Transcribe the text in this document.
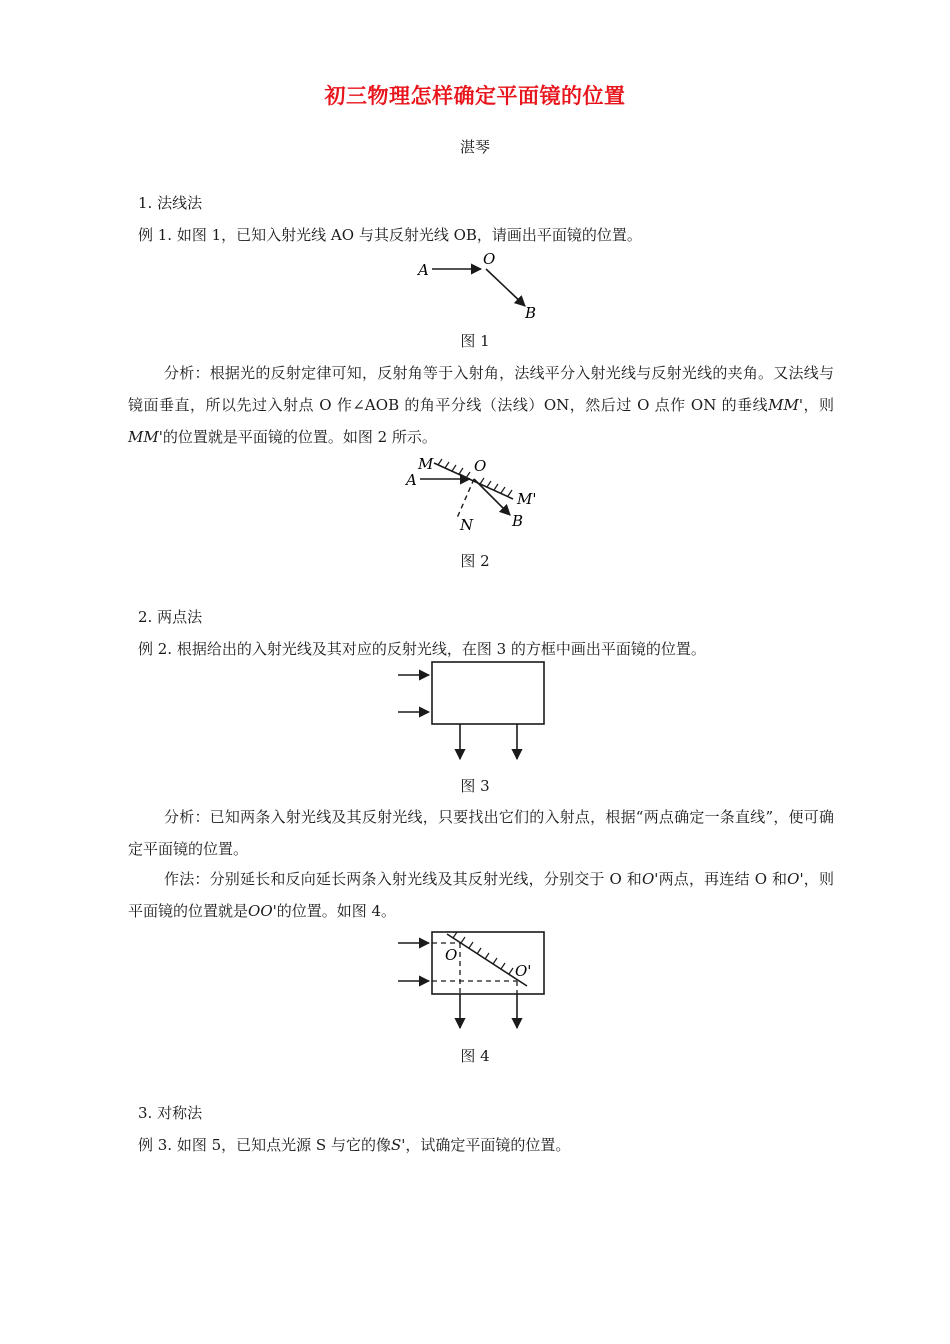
初三物理怎样确定平面镜的位置
湛琴
1. 法线法
例 1. 如图 1，已知入射光线 AO 与其反射光线 OB，请画出平面镜的位置。
A
O
B
图 1
分析：根据光的反射定律可知，反射角等于入射角，法线平分入射光线与反射光线的夹角。又法线与镜面垂直，所以先过入射点 O 作∠AOB 的角平分线（法线）ON，然后过 O 点作 ON 的垂线MM'，则MM'的位置就是平面镜的位置。如图 2 所示。
M
A
O
M'
N	B
图 2
2. 两点法
例 2. 根据给出的入射光线及其对应的反射光线，在图 3 的方框中画出平面镜的位置。
图 3
分析：已知两条入射光线及其反射光线，只要找出它们的入射点，根据“两点确定一条直线”，便可确定平面镜的位置。
作法：分别延长和反向延长两条入射光线及其反射光线，分别交于 O 和O'两点，再连结 O 和O'，则平面镜的位置就是OO'的位置。如图 4。
O
O'
图 4
3. 对称法
例 3. 如图 5，已知点光源 S 与它的像S'，试确定平面镜的位置。
